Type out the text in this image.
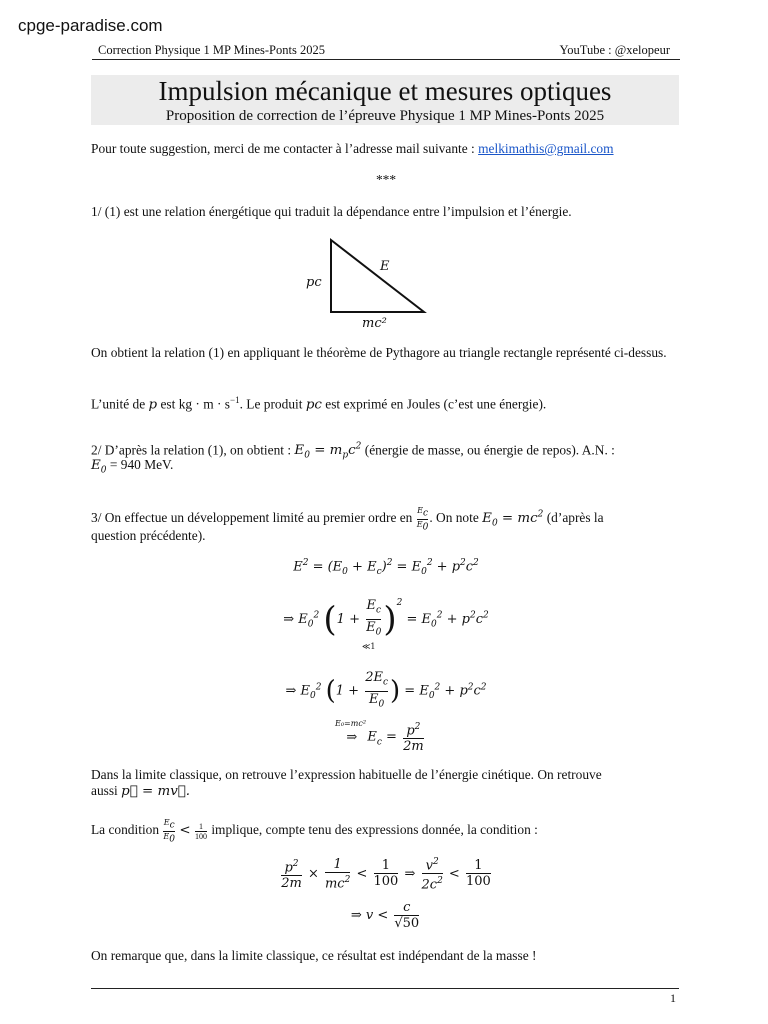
cpge-paradise.com
Correction Physique 1 MP Mines-Ponts 2025	YouTube : @xelopeur
Impulsion mécanique et mesures optiques
Proposition de correction de l’épreuve Physique 1 MP Mines-Ponts 2025
Pour toute suggestion, merci de me contacter à l’adresse mail suivante : melkimathis@gmail.com
***
1/ (1) est une relation énergétique qui traduit la dépendance entre l’impulsion et l’énergie.
pc
E
mc²
On obtient la relation (1) en appliquant le théorème de Pythagore au triangle rectangle représenté ci-dessus.
L’unité de p est kg · $m \cdot s^{-1}$. Le produit pc est exprimé en Joules (c’est une énergie).
2/ D’après la relation (1), on obtient : $E_0 = m_pc^2$ (énergie de masse, ou énergie de repos). A.N. :
$E_0 = 940$ MeV.
3/ On effectue un développement limité au premier ordre en $\frac{E_c}{E_0}$ . On note $E_0 = mc^2$ (d’après la
question précédente).
$E^2 = (E_0 + E_c)^2 = E_0^2 + p^2c^2$
⇒ $E_0^2$ $(1 + \frac{E_c}{E_0} )^2 = E_0^2 + p^2c^2$
≪1
⇒ $E_0^2$ ($1 + \frac{2E_c}{E_0}$ ) = $E_0^2 + p^2c^2$
E₀=mc²
⇒ $E_c = \frac{p^2}{2m}$
Dans la limite classique, on retrouve l’expression habituelle de l’énergie cinétique. On retrouve
aussi p⃗ = mv⃗.
La condition $\frac{E_c}{E_0} < \frac{1}{100}$ implique, compte tenu des expressions donnée, la condition :
$\frac{p^2}{2m} \times \frac{1}{mc^2} < \frac{1}{100}$ ⇒ $\frac{v^2}{2c^2} < \frac{1}{100}$
⇒ $v < \frac{c}{√50}$
On remarque que, dans la limite classique, ce résultat est indépendant de la masse !
1
